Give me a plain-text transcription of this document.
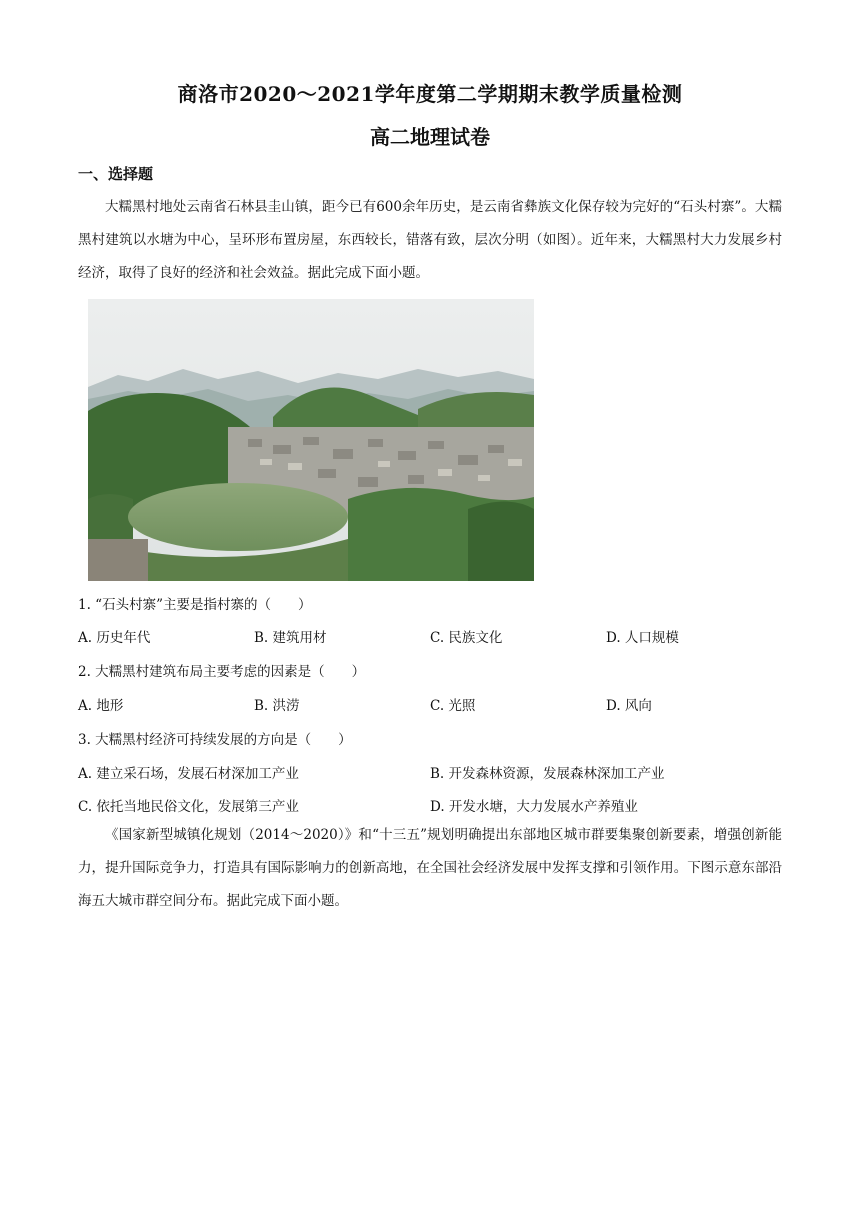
商洛市2020～2021学年度第二学期期末教学质量检测
高二地理试卷
一、选择题
大糯黑村地处云南省石林县圭山镇，距今已有600余年历史，是云南省彝族文化保存较为完好的“石头村寨”。大糯黑村建筑以水塘为中心，呈环形布置房屋，东西较长，错落有致，层次分明（如图）。近年来，大糯黑村大力发展乡村经济，取得了良好的经济和社会效益。据此完成下面小题。
1. “石头村寨”主要是指村寨的（　　）
A. 历史年代	B. 建筑用材	C. 民族文化	D. 人口规模
2. 大糯黑村建筑布局主要考虑的因素是（　　）
A. 地形	B. 洪涝	C. 光照	D. 风向
3. 大糯黑村经济可持续发展的方向是（　　）
A. 建立采石场，发展石材深加工产业	B. 开发森林资源，发展森林深加工产业
C. 依托当地民俗文化，发展第三产业	D. 开发水塘，大力发展水产养殖业
《国家新型城镇化规划（2014～2020）》和“十三五”规划明确提出东部地区城市群要集聚创新要素，增强创新能力，提升国际竞争力，打造具有国际影响力的创新高地，在全国社会经济发展中发挥支撑和引领作用。下图示意东部沿海五大城市群空间分布。据此完成下面小题。
